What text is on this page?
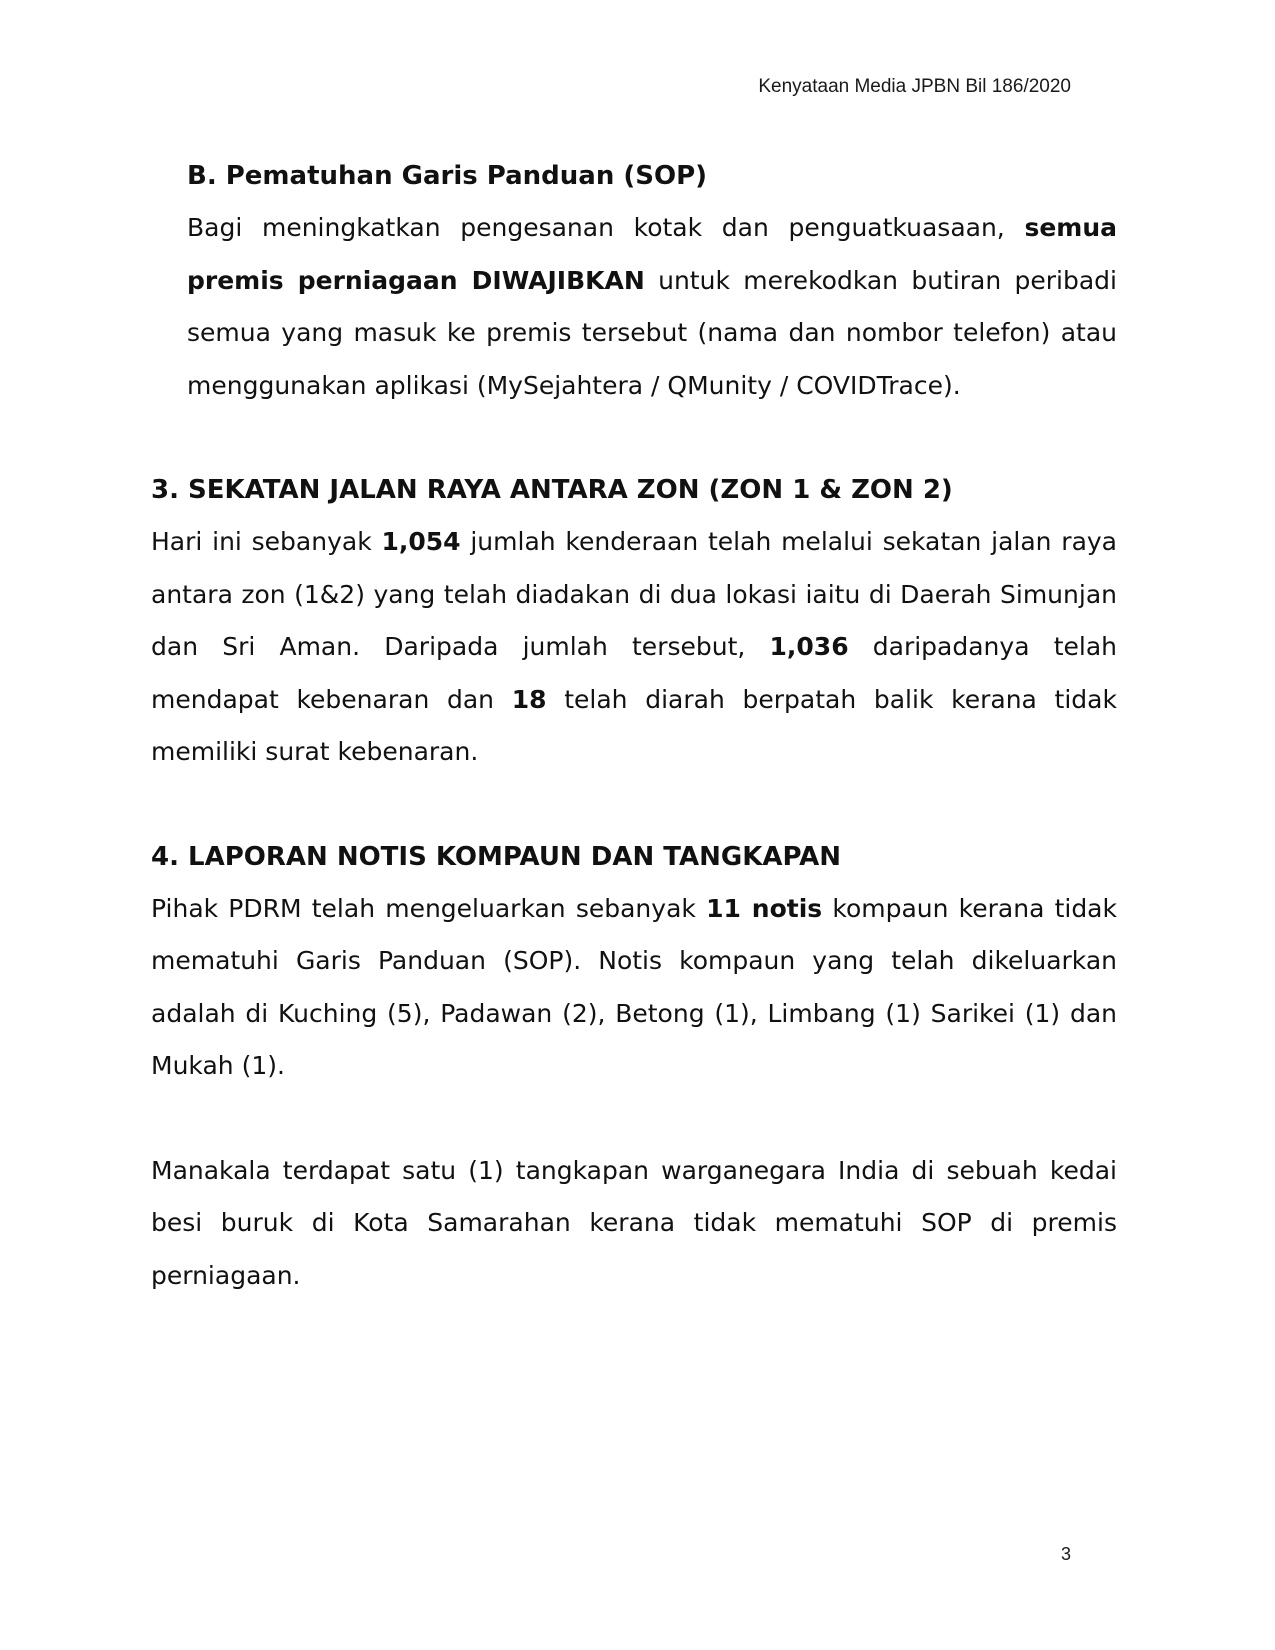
Kenyataan Media JPBN Bil 186/2020
B. Pematuhan Garis Panduan (SOP)

Bagi meningkatkan pengesanan kotak dan penguatkuasaan, semua premis perniagaan DIWAJIBKAN untuk merekodkan butiran peribadi semua yang masuk ke premis tersebut (nama dan nombor telefon) atau menggunakan aplikasi (MySejahtera / QMunity / COVIDTrace).

3. SEKATAN JALAN RAYA ANTARA ZON (ZON 1 & ZON 2)

Hari ini sebanyak 1,054 jumlah kenderaan telah melalui sekatan jalan raya antara zon (1&2) yang telah diadakan di dua lokasi iaitu di Daerah Simunjan dan Sri Aman. Daripada jumlah tersebut, 1,036 daripadanya telah mendapat kebenaran dan 18 telah diarah berpatah balik kerana tidak memiliki surat kebenaran.

4. LAPORAN NOTIS KOMPAUN DAN TANGKAPAN

Pihak PDRM telah mengeluarkan sebanyak 11 notis kompaun kerana tidak mematuhi Garis Panduan (SOP). Notis kompaun yang telah dikeluarkan adalah di Kuching (5), Padawan (2), Betong (1), Limbang (1) Sarikei (1) dan Mukah (1).

Manakala terdapat satu (1) tangkapan warganegara India di sebuah kedai besi buruk di Kota Samarahan kerana tidak mematuhi SOP di premis perniagaan.

3
